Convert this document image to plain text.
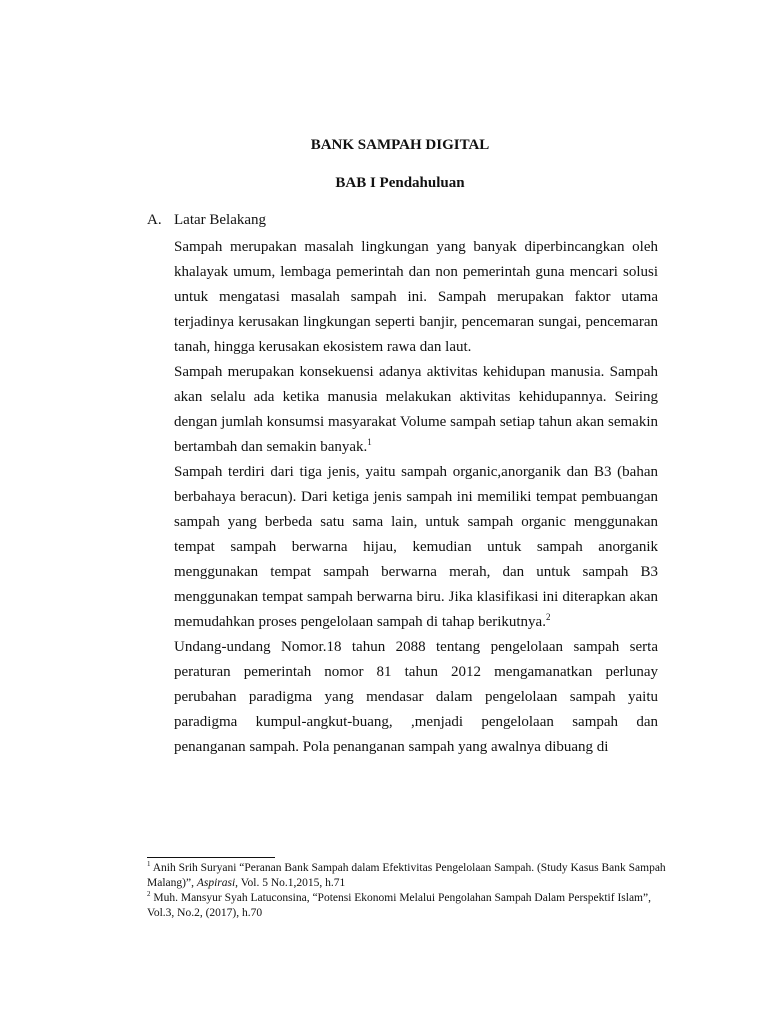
BANK SAMPAH DIGITAL
BAB I Pendahuluan
A. Latar Belakang

Sampah merupakan masalah lingkungan yang banyak diperbincangkan oleh khalayak umum, lembaga pemerintah dan non pemerintah guna mencari solusi untuk mengatasi masalah sampah ini. Sampah merupakan faktor utama terjadinya kerusakan lingkungan seperti banjir, pencemaran sungai, pencemaran tanah, hingga kerusakan ekosistem rawa dan laut.

Sampah merupakan konsekuensi adanya aktivitas kehidupan manusia. Sampah akan selalu ada ketika manusia melakukan aktivitas kehidupannya. Seiring dengan jumlah konsumsi masyarakat Volume sampah setiap tahun akan semakin bertambah dan semakin banyak.$^1$

Sampah terdiri dari tiga jenis, yaitu sampah organic,anorganik dan B3 (bahan berbahaya beracun). Dari ketiga jenis sampah ini memiliki tempat pembuangan sampah yang berbeda satu sama lain, untuk sampah organic menggunakan tempat sampah berwarna hijau, kemudian untuk sampah anorganik menggunakan tempat sampah berwarna merah, dan untuk sampah B3 menggunakan tempat sampah berwarna biru. Jika klasifikasi ini diterapkan akan memudahkan proses pengelolaan sampah di tahap berikutnya.$^2$

Undang-undang Nomor.18 tahun 2088 tentang pengelolaan sampah serta peraturan pemerintah nomor 81 tahun 2012 mengamanatkan perlunay perubahan paradigma yang mendasar dalam pengelolaan sampah yaitu paradigma kumpul-angkut-buang, ,menjadi pengelolaan sampah dan penanganan sampah. Pola penanganan sampah yang awalnya dibuang di

$^1$ Anih Srih Suryani “Peranan Bank Sampah dalam Efektivitas Pengelolaan Sampah. (Study Kasus Bank Sampah Malang)”, Aspirasi, Vol. 5 No.1,2015, h.71

$^2$ Muh. Mansyur Syah Latuconsina, “Potensi Ekonomi Melalui Pengolahan Sampah Dalam Perspektif Islam”, Vol.3, No.2, (2017), h.70
